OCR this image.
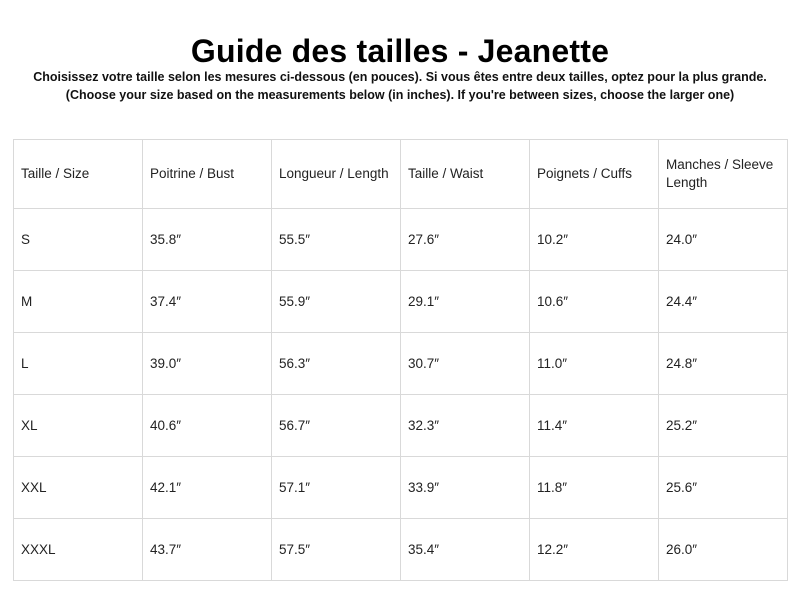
Guide des tailles - Jeanette
Choisissez votre taille selon les mesures ci-dessous (en pouces). Si vous êtes entre deux tailles, optez pour la plus grande.
(Choose your size based on the measurements below (in inches). If you're between sizes, choose the larger one)
Taille / Size	Poitrine / Bust	Longueur / Length	Taille / Waist	Poignets / Cuffs	Manches / Sleeve Length
S	35.8″	55.5″	27.6″	10.2″	24.0″
M	37.4″	55.9″	29.1″	10.6″	24.4″
L	39.0″	56.3″	30.7″	11.0″	24.8″
XL	40.6″	56.7″	32.3″	11.4″	25.2″
XXL	42.1″	57.1″	33.9″	11.8″	25.6″
XXXL	43.7″	57.5″	35.4″	12.2″	26.0″
